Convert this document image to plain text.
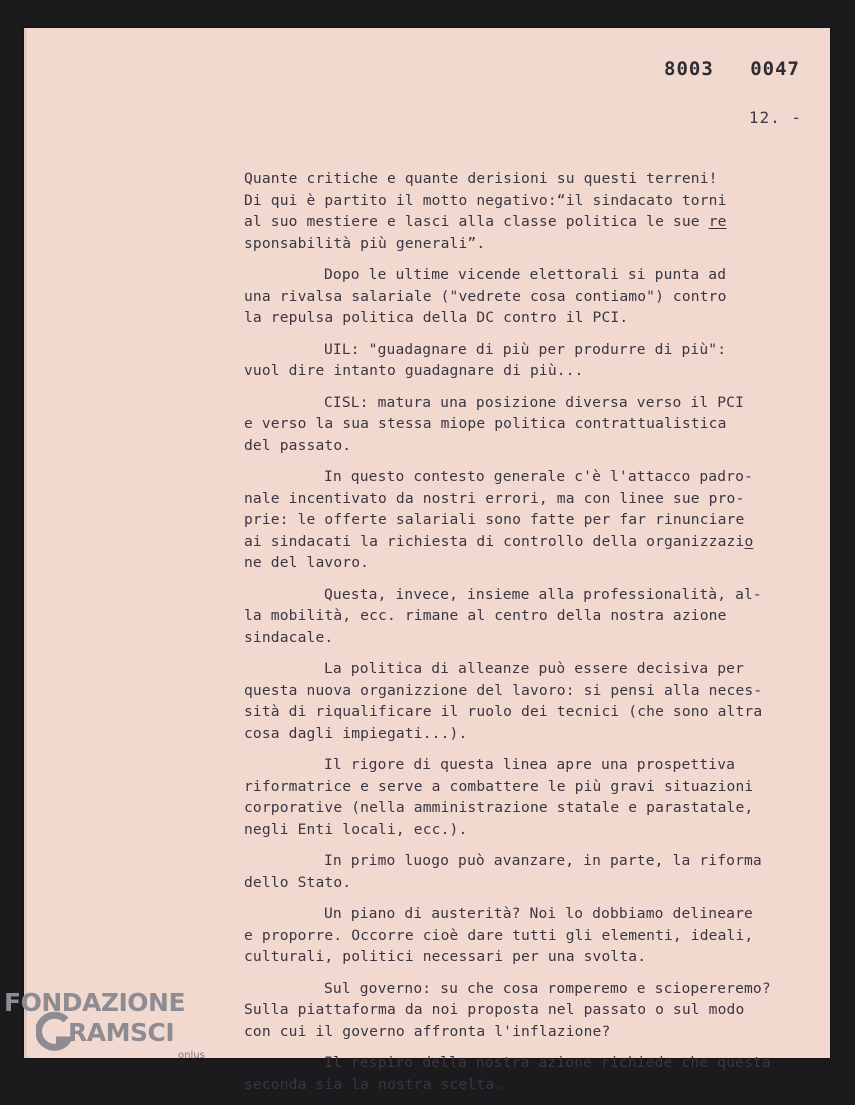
8003 0047
12. -
Quante critiche e quante derisioni su questi terreni!
Di qui è partito il motto negativo:“il sindacato torni
al suo mestiere e lasci alla classe politica le sue re
sponsabilità più generali”.
Dopo le ultime vicende elettorali si punta ad
una rivalsa salariale ("vedrete cosa contiamo") contro
la repulsa politica della DC contro il PCI.
UIL: "guadagnare di più per produrre di più":
vuol dire intanto guadagnare di più...
CISL: matura una posizione diversa verso il PCI
e verso la sua stessa miope politica contrattualistica
del passato.
In questo contesto generale c'è l'attacco padro-
nale incentivato da nostri errori, ma con linee sue pro-
prie: le offerte salariali sono fatte per far rinunciare
ai sindacati la richiesta di controllo della organizzazio
ne del lavoro.
Questa, invece, insieme alla professionalità, al-
la mobilità, ecc. rimane al centro della nostra azione
sindacale.
La politica di alleanze può essere decisiva per
questa nuova organizzione del lavoro: si pensi alla neces-
sità di riqualificare il ruolo dei tecnici (che sono altra
cosa dagli impiegati...).
Il rigore di questa linea apre una prospettiva
riformatrice e serve a combattere le più gravi situazioni
corporative (nella amministrazione statale e parastatale,
negli Enti locali, ecc.).
In primo luogo può avanzare, in parte, la riforma
dello Stato.
Un piano di austerità? Noi lo dobbiamo delineare
e proporre. Occorre cioè dare tutti gli elementi, ideali,
culturali, politici necessari per una svolta.
Sul governo: su che cosa romperemo e sciopereremo?
Sulla piattaforma da noi proposta nel passato o sul modo
con cui il governo affronta l'inflazione?
Il respiro della nostra azione richiede che questa
seconda sia la nostra scelta.
FONDAZIONE
RAMSCI
onlus
